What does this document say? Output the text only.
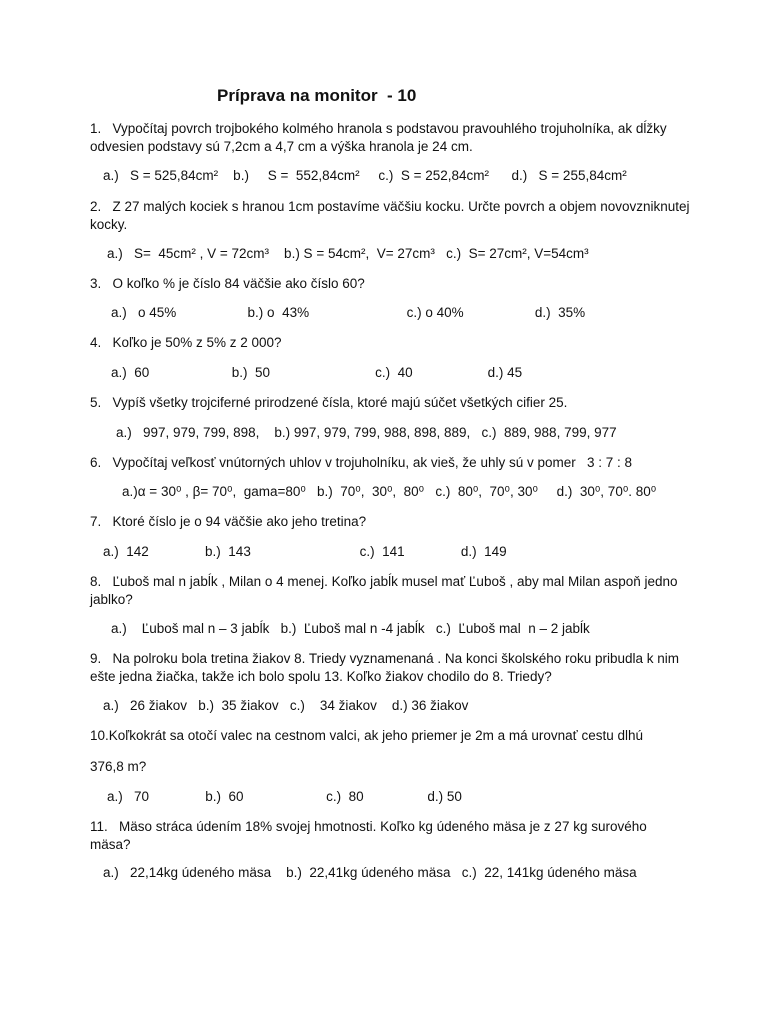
Príprava na monitor  - 10
1.   Vypočítaj povrch trojbokého kolmého hranola s podstavou pravouhlého trojuholníka, ak dĺžky odvesien podstavy sú 7,2cm a 4,7 cm a výška hranola je 24 cm.
a.)   S = 525,84cm²    b.)     S =  552,84cm²     c.)  S = 252,84cm²      d.)   S = 255,84cm²
2.   Z 27 malých kociek s hranou 1cm postavíme väčšiu kocku. Určte povrch a objem novovzniknutej kocky.
a.)   S=  45cm² , V = 72cm³    b.) S = 54cm²,  V= 27cm³   c.)  S= 27cm², V=54cm³
3.   O koľko % je číslo 84 väčšie ako číslo 60?
a.)   o 45%                   b.) o  43%                          c.) o 40%                   d.)  35%
4.   Koľko je 50% z 5% z 2 000?
a.)  60                      b.)  50                            c.)  40                    d.) 45
5.   Vypíš všetky trojciferné prirodzené čísla, ktoré majú súčet všetkých cifier 25.
a.)   997, 979, 799, 898,    b.) 997, 979, 799, 988, 898, 889,   c.)  889, 988, 799, 977
6.   Vypočítaj veľkosť vnútorných uhlov v trojuholníku, ak vieš, že uhly sú v pomer   3 : 7 : 8
a.)α = 30⁰ , β= 70⁰,  gama=80⁰   b.)  70⁰,  30⁰,  80⁰   c.)  80⁰,  70⁰, 30⁰     d.)  30⁰, 70⁰. 80⁰
7.   Ktoré číslo je o 94 väčšie ako jeho tretina?
a.)  142               b.)  143                             c.)  141               d.)  149
8.   Ľuboš mal n jabĺk , Milan o 4 menej. Koľko jabĺk musel mať Ľuboš , aby mal Milan aspoň jedno jablko?
a.)    Ľuboš mal n – 3 jabĺk   b.)  Ľuboš mal n -4 jabĺk   c.)  Ľuboš mal  n – 2 jabĺk
9.   Na polroku bola tretina žiakov 8. Triedy vyznamenaná . Na konci školského roku pribudla k nim ešte jedna žiačka, takže ich bolo spolu 13. Koľko žiakov chodilo do 8. Triedy?
a.)   26 žiakov   b.)  35 žiakov   c.)    34 žiakov    d.) 36 žiakov
10.Koľkokrát sa otočí valec na cestnom valci, ak jeho priemer je 2m a má urovnať cestu dlhú
376,8 m?
a.)   70               b.)  60                      c.)  80                 d.) 50
11.   Mäso stráca údením 18% svojej hmotnosti. Koľko kg údeného mäsa je z 27 kg surového mäsa?
a.)   22,14kg údeného mäsa    b.)  22,41kg údeného mäsa   c.)  22, 141kg údeného mäsa
